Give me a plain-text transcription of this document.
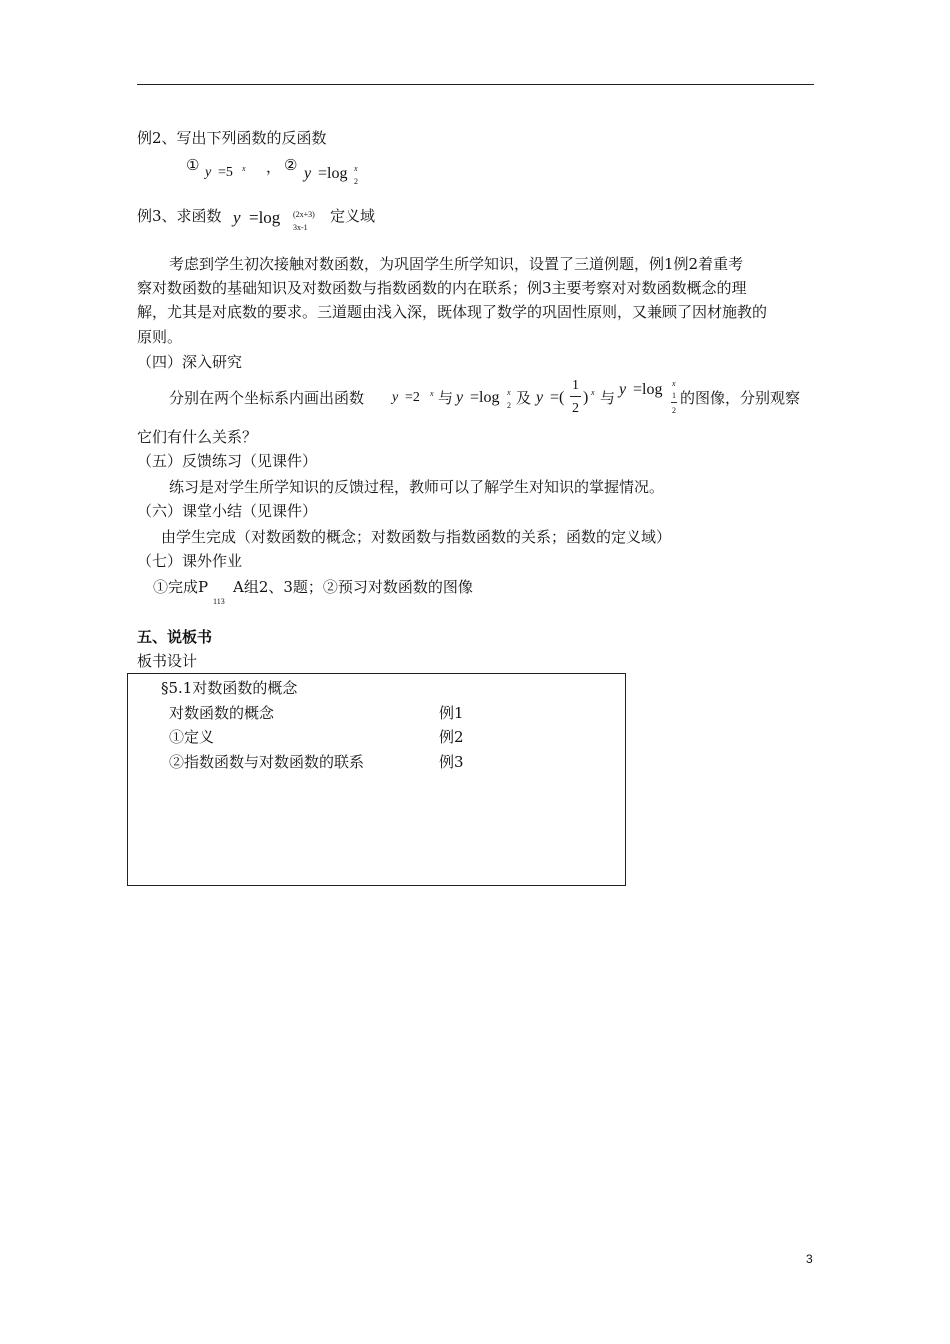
例2、写出下列函数的反函数
① y =5 x ， ② y =log x
2
例3、求函数 y =log (2x+3)
3x-1
定义域
考虑到学生初次接触对数函数，为巩固学生所学知识，设置了三道例题，例1例2着重考
察对数函数的基础知识及对数函数与指数函数的内在联系；例3主要考察对对数函数概念的理
解，尤其是对底数的要求。三道题由浅入深，既体现了数学的巩固性原则，又兼顾了因材施教的
原则。
（四）深入研究
分别在两个坐标系内画出函数 y =2 x 与 y =log x
2 及 y =(
1
2
) x 与 y =log x
1
2
的图像，分别观察
它们有什么关系？
（五）反馈练习（见课件）
练习是对学生所学知识的反馈过程，教师可以了解学生对知识的掌握情况。
（六）课堂小结（见课件）
由学生完成（对数函数的概念；对数函数与指数函数的关系；函数的定义域）
（七）课外作业
①完成P
113
A组2、3题；②预习对数函数的图像
五、说板书
板书设计
§5.1对数函数的概念
对数函数的概念	例1
①定义	例2
②指数函数与对数函数的联系	例3
3
